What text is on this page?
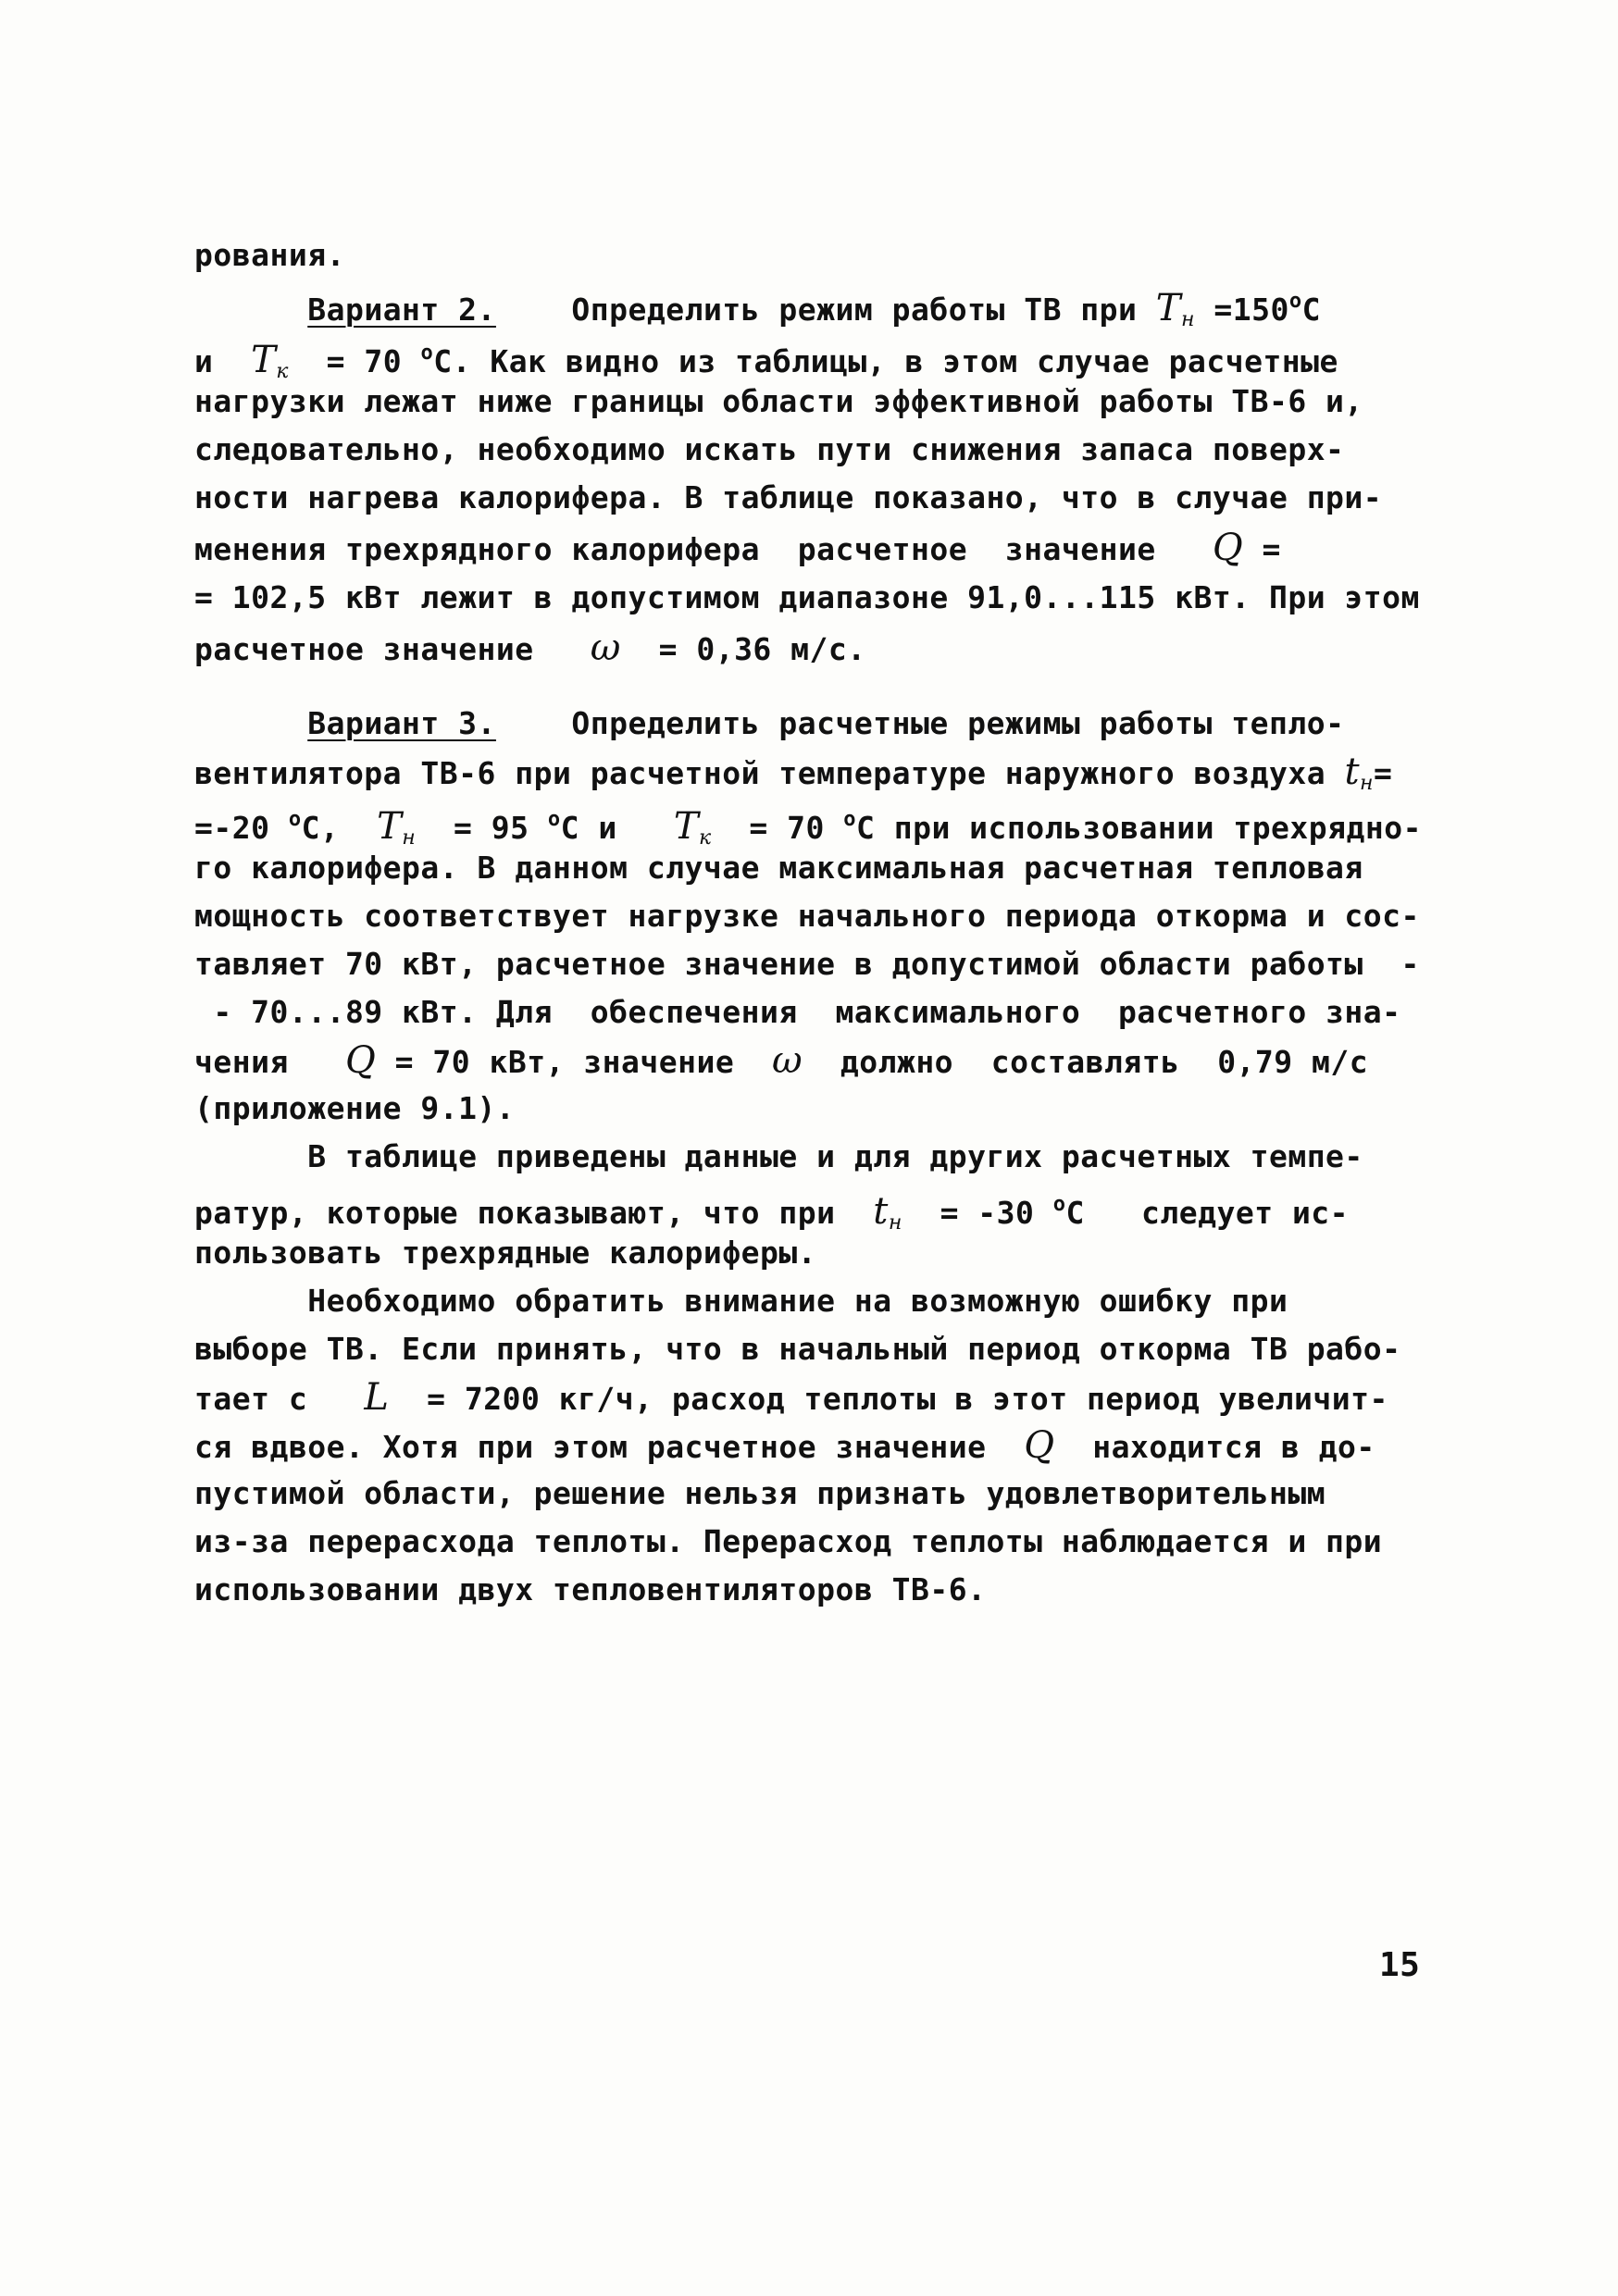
рования.
Вариант 2.    Определить режим работы ТВ при $T_н =150^оС$
и  $T_к = 70$ $^о$С. Как видно из таблицы, в этом случае расчетные
нагрузки лежат ниже границы области эффективной работы ТВ-6 и,
следовательно, необходимо искать пути снижения запаса поверх-
ности нагрева калорифера. В таблице показано, что в случае при-
менения трехрядного калорифера  расчетное  значение   Q =
= 102,5 кВт лежит в допустимом диапазоне 91,0...115 кВт. При этом
расчетное значение   ω  = 0,36 м/с.
Вариант 3.    Определить расчетные режимы работы тепло-
вентилятора ТВ-6 при расчетной температуре наружного воздуха $t_н=$
=-20 $^о$С,  $T_н = 95$ $^о$С и   $T_к = 70$ $^о$С при использовании трехрядно-
го калорифера. В данном случае максимальная расчетная тепловая
мощность соответствует нагрузке начального периода откорма и сос-
тавляет 70 кВт, расчетное значение в допустимой области работы  -
- 70...89 кВт. Для  обеспечения  максимального  расчетного зна-
чения   Q = 70 кВт, значение  ω  должно  составлять  0,79 м/с
(приложение 9.1).
В таблице приведены данные и для других расчетных темпе-
ратур, которые показывают, что при  $t_н = -30$ $^о$С   следует ис-
пользовать трехрядные калориферы.
Необходимо обратить внимание на возможную ошибку при
выборе ТВ. Если принять, что в начальный период откорма ТВ рабо-
тает с   L  = 7200 кг/ч, расход теплоты в этот период увеличит-
ся вдвое. Хотя при этом расчетное значение  Q  находится в до-
пустимой области, решение нельзя признать удовлетворительным
из-за перерасхода теплоты. Перерасход теплоты наблюдается и при
использовании двух тепловентиляторов ТВ-6.
15
